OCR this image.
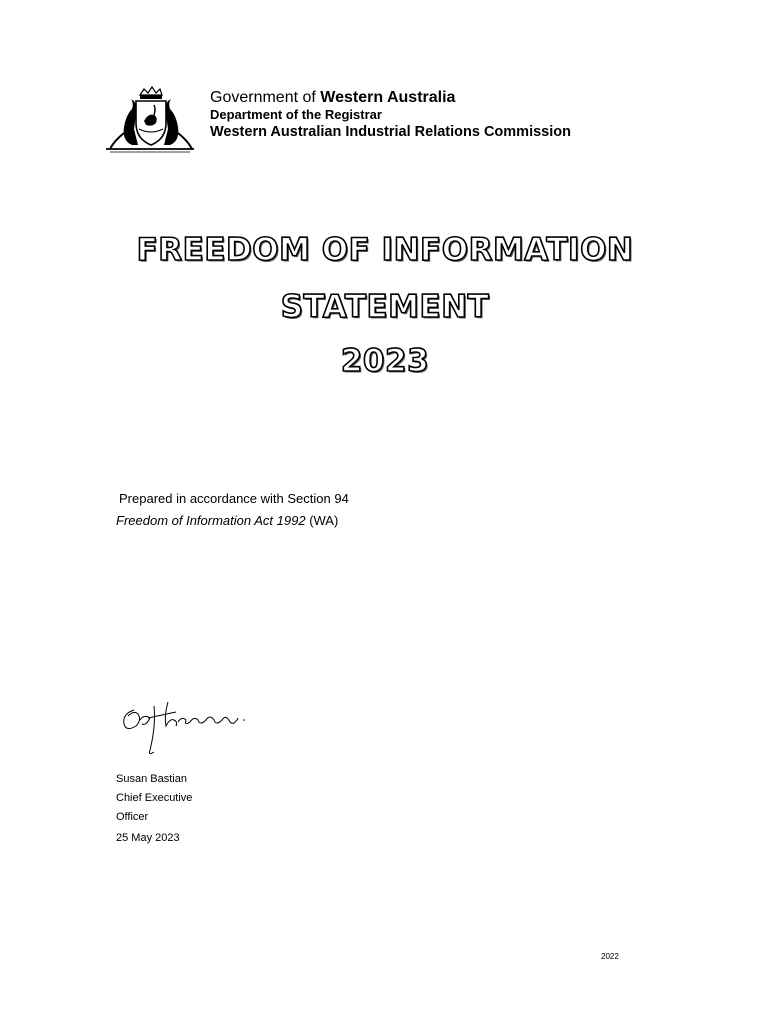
Government of Western Australia
Department of the Registrar
Western Australian Industrial Relations Commission
FREEDOM OF INFORMATION
STATEMENT
2023
Prepared in accordance with Section 94
Freedom of Information Act 1992 (WA)
Susan Bastian
Chief Executive
Officer
25 May 2023
2022
